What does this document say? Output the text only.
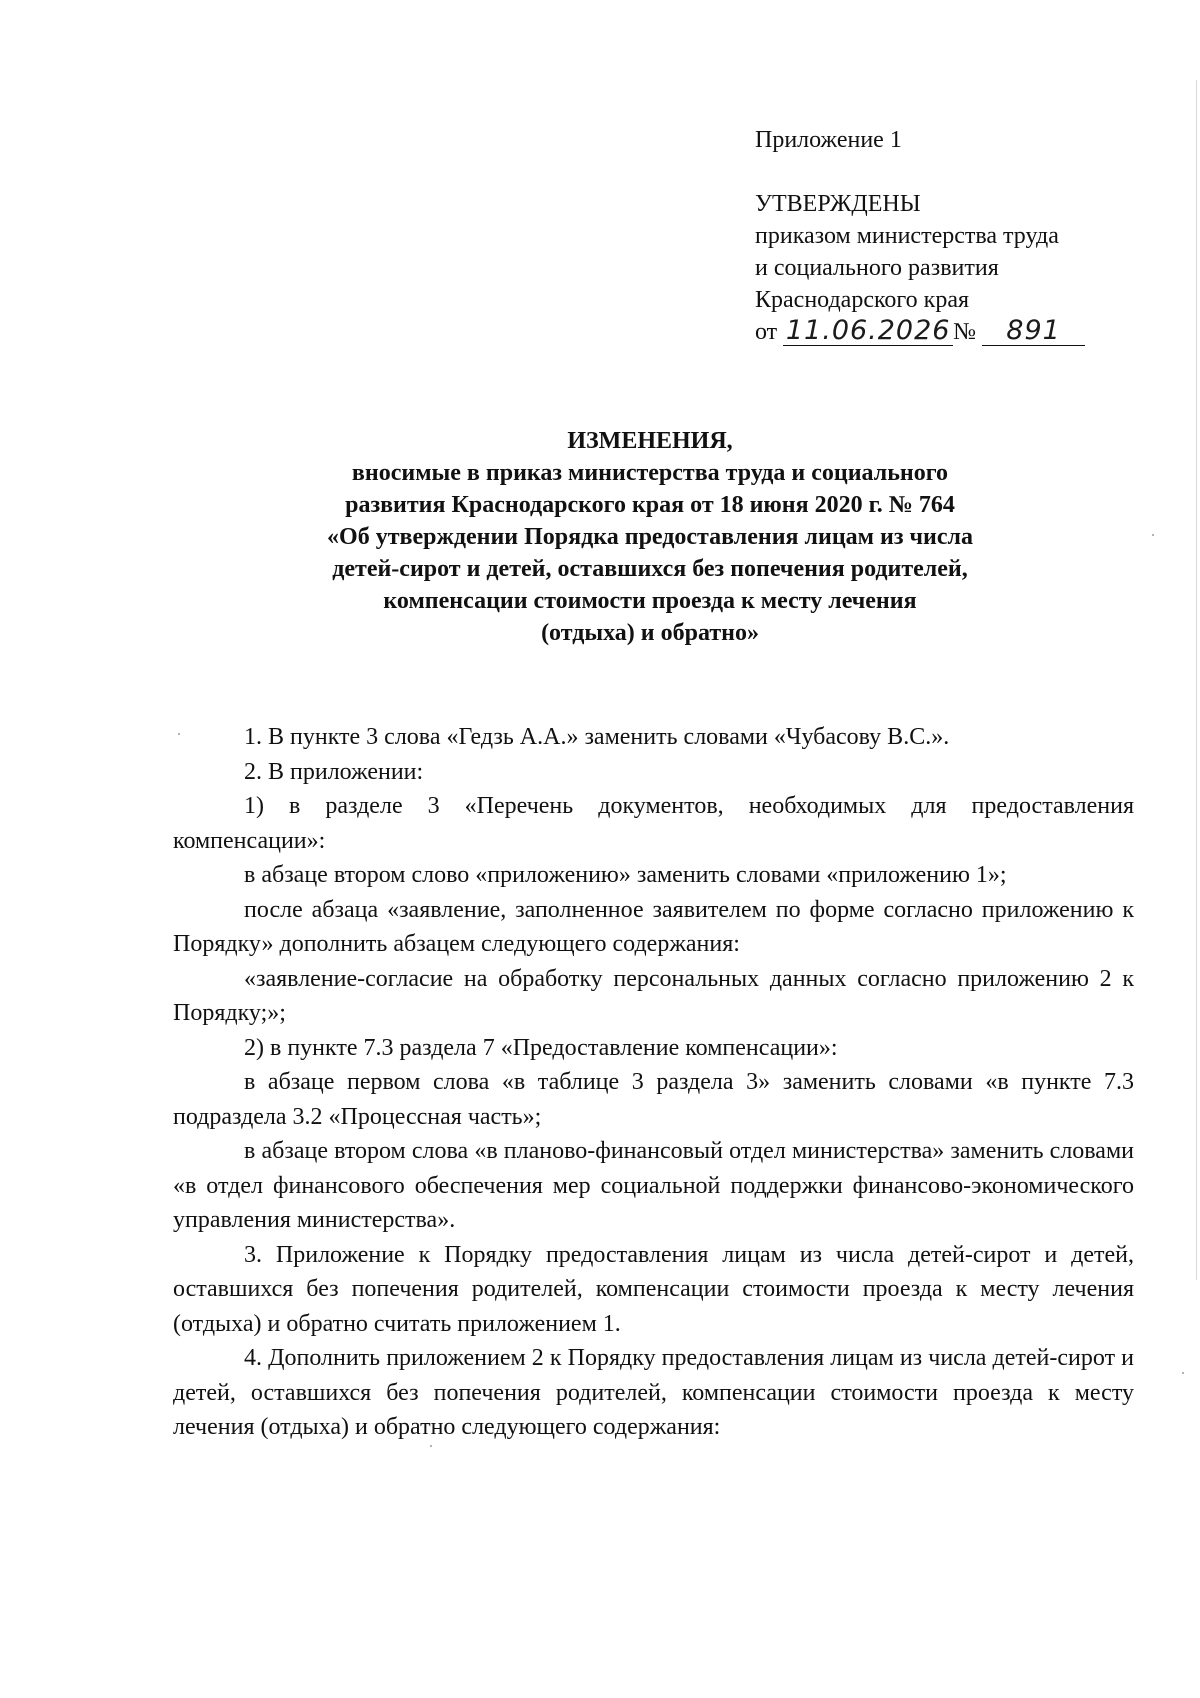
Приложение 1
УТВЕРЖДЕНЫ
приказом министерства труда
и социального развития
Краснодарского края
от
11.06.2026 №
	891
ИЗМЕНЕНИЯ,
вносимые в приказ министерства труда и социального
развития Краснодарского края от 18 июня 2020 г. № 764
«Об утверждении Порядка предоставления лицам из числа
детей-сирот и детей, оставшихся без попечения родителей,
компенсации стоимости проезда к месту лечения
(отдыха) и обратно»

1. В пункте 3 слова «Гедзь А.А.» заменить словами «Чубасову В.С.».

2. В приложении:

1) в разделе 3 «Перечень документов, необходимых для предоставления компенсации»:

в абзаце втором слово «приложению» заменить словами «приложению 1»;

после абзаца «заявление, заполненное заявителем по форме согласно приложению к Порядку» дополнить абзацем следующего содержания:

«заявление-согласие на обработку персональных данных согласно приложению 2 к Порядку;»;

2) в пункте 7.3 раздела 7 «Предоставление компенсации»:

в абзаце первом слова «в таблице 3 раздела 3» заменить словами «в пункте 7.3 подраздела 3.2 «Процессная часть»;

в абзаце втором слова «в планово-финансовый отдел министерства» заменить словами «в отдел финансового обеспечения мер социальной поддержки финансово-экономического управления министерства».

3. Приложение к Порядку предоставления лицам из числа детей-сирот и детей, оставшихся без попечения родителей, компенсации стоимости проезда к месту лечения (отдыха) и обратно считать приложением 1.

4. Дополнить приложением 2 к Порядку предоставления лицам из числа детей-сирот и детей, оставшихся без попечения родителей, компенсации стоимости проезда к месту лечения (отдыха) и обратно следующего содержания:
